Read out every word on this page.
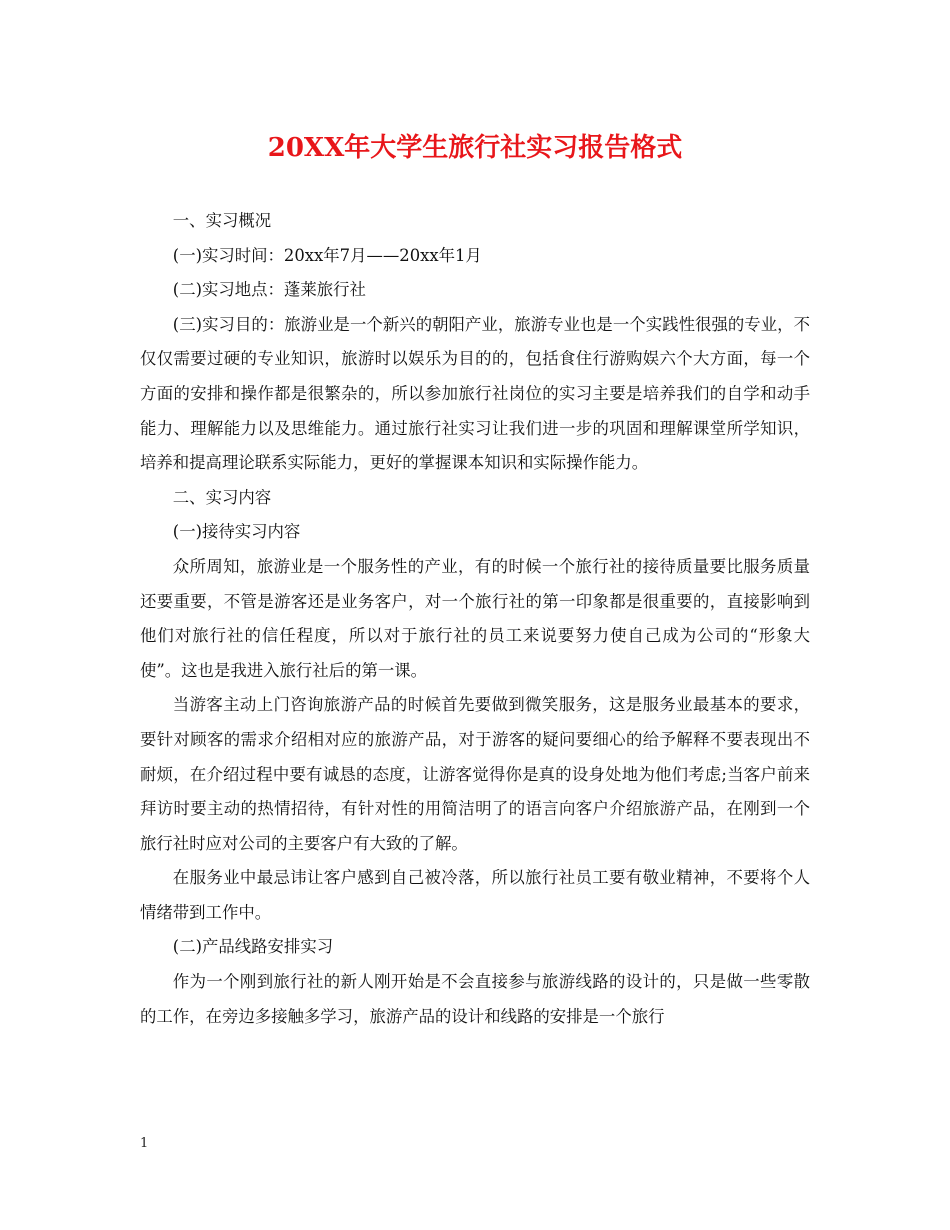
20XX年大学生旅行社实习报告格式

一、实习概况

(一)实习时间：20xx年7月——20xx年1月

(二)实习地点：蓬莱旅行社

(三)实习目的：旅游业是一个新兴的朝阳产业，旅游专业也是一个实践性很强的专业，不仅仅需要过硬的专业知识，旅游时以娱乐为目的的，包括食住行游购娱六个大方面，每一个方面的安排和操作都是很繁杂的，所以参加旅行社岗位的实习主要是培养我们的自学和动手能力、理解能力以及思维能力。通过旅行社实习让我们进一步的巩固和理解课堂所学知识，培养和提高理论联系实际能力，更好的掌握课本知识和实际操作能力。

二、实习内容

(一)接待实习内容

众所周知，旅游业是一个服务性的产业，有的时候一个旅行社的接待质量要比服务质量还要重要，不管是游客还是业务客户，对一个旅行社的第一印象都是很重要的，直接影响到他们对旅行社的信任程度，所以对于旅行社的员工来说要努力使自己成为公司的“形象大使”。这也是我进入旅行社后的第一课。

当游客主动上门咨询旅游产品的时候首先要做到微笑服务，这是服务业最基本的要求，要针对顾客的需求介绍相对应的旅游产品，对于游客的疑问要细心的给予解释不要表现出不耐烦，在介绍过程中要有诚恳的态度，让游客觉得你是真的设身处地为他们考虑;当客户前来拜访时要主动的热情招待，有针对性的用简洁明了的语言向客户介绍旅游产品，在刚到一个旅行社时应对公司的主要客户有大致的了解。

在服务业中最忌讳让客户感到自己被冷落，所以旅行社员工要有敬业精神，不要将个人情绪带到工作中。

(二)产品线路安排实习

作为一个刚到旅行社的新人刚开始是不会直接参与旅游线路的设计的，只是做一些零散的工作，在旁边多接触多学习，旅游产品的设计和线路的安排是一个旅行

1
